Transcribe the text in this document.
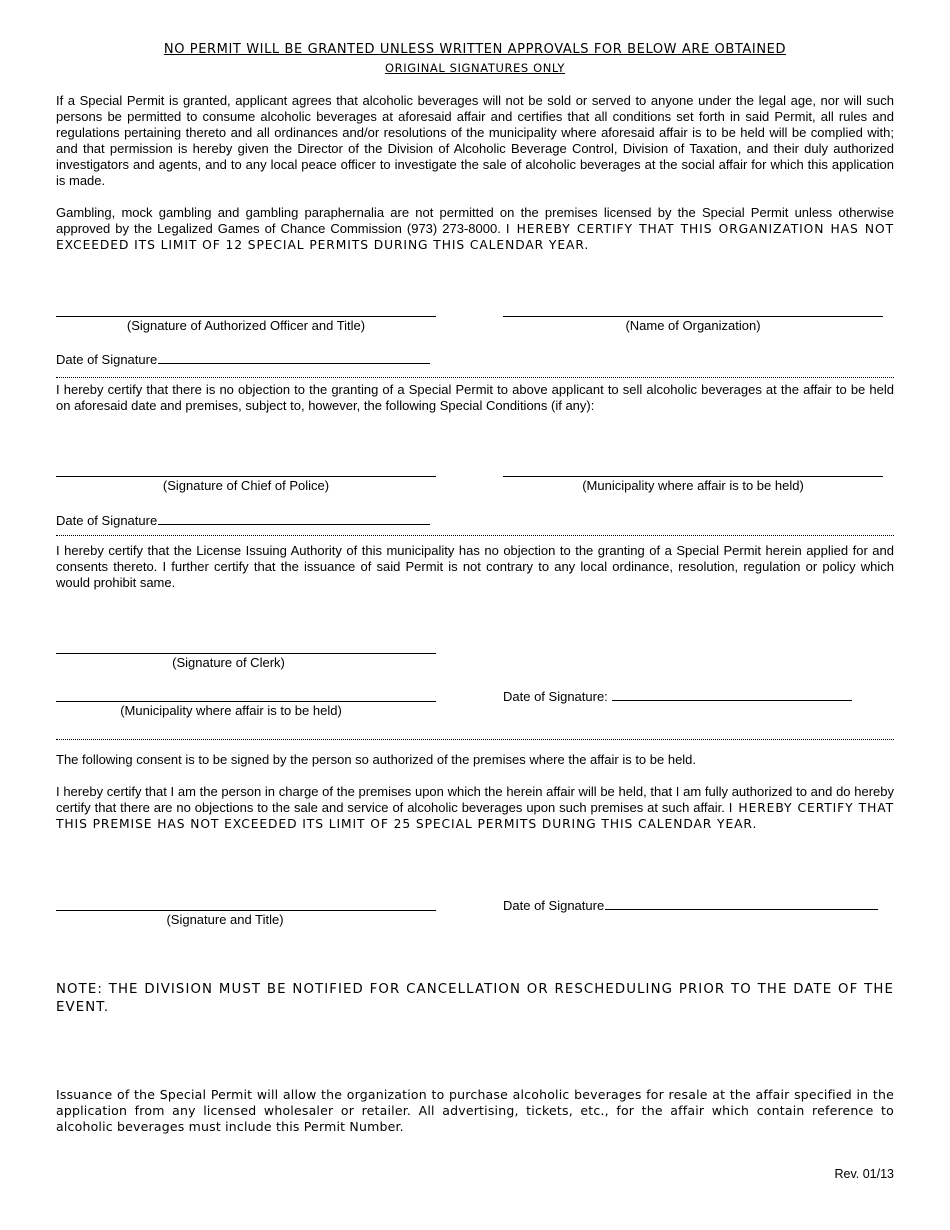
NO PERMIT WILL BE GRANTED UNLESS WRITTEN APPROVALS FOR BELOW ARE OBTAINED
ORIGINAL SIGNATURES ONLY

If a Special Permit is granted, applicant agrees that alcoholic beverages will not be sold or served to anyone under the legal age, nor will such persons be permitted to consume alcoholic beverages at aforesaid affair and certifies that all conditions set forth in said Permit, all rules and regulations pertaining thereto and all ordinances and/or resolutions of the municipality where aforesaid affair is to be held will be complied with; and that permission is hereby given the Director of the Division of Alcoholic Beverage Control, Division of Taxation, and their duly authorized investigators and agents, and to any local peace officer to investigate the sale of alcoholic beverages at the social affair for which this application is made.

Gambling, mock gambling and gambling paraphernalia are not permitted on the premises licensed by the Special Permit unless otherwise approved by the Legalized Games of Chance Commission (973) 273-8000. I HEREBY CERTIFY THAT THIS ORGANIZATION HAS NOT EXCEEDED ITS LIMIT OF 12 SPECIAL PERMITS DURING THIS CALENDAR YEAR.

(Signature of Authorized Officer and Title)	(Name of Organization)
Date of Signature

I hereby certify that there is no objection to the granting of a Special Permit to above applicant to sell alcoholic beverages at the affair to be held on aforesaid date and premises, subject to, however, the following Special Conditions (if any):

(Signature of Chief of Police)	(Municipality where affair is to be held)
Date of Signature

I hereby certify that the License Issuing Authority of this municipality has no objection to the granting of a Special Permit herein applied for and consents thereto. I further certify that the issuance of said Permit is not contrary to any local ordinance, resolution, regulation or policy which would prohibit same.

(Signature of Clerk)
(Municipality where affair is to be held)
Date of Signature:

The following consent is to be signed by the person so authorized of the premises where the affair is to be held.

I hereby certify that I am the person in charge of the premises upon which the herein affair will be held, that I am fully authorized to and do hereby certify that there are no objections to the sale and service of alcoholic beverages upon such premises at such affair. I HEREBY CERTIFY THAT THIS PREMISE HAS NOT EXCEEDED ITS LIMIT OF 25 SPECIAL PERMITS DURING THIS CALENDAR YEAR.

(Signature and Title)
Date of Signature

NOTE: THE DIVISION MUST BE NOTIFIED FOR CANCELLATION OR RESCHEDULING PRIOR TO THE DATE OF THE EVENT.

Issuance of the Special Permit will allow the organization to purchase alcoholic beverages for resale at the affair specified in the application from any licensed wholesaler or retailer. All advertising, tickets, etc., for the affair which contain reference to alcoholic beverages must include this Permit Number.

Rev. 01/13
